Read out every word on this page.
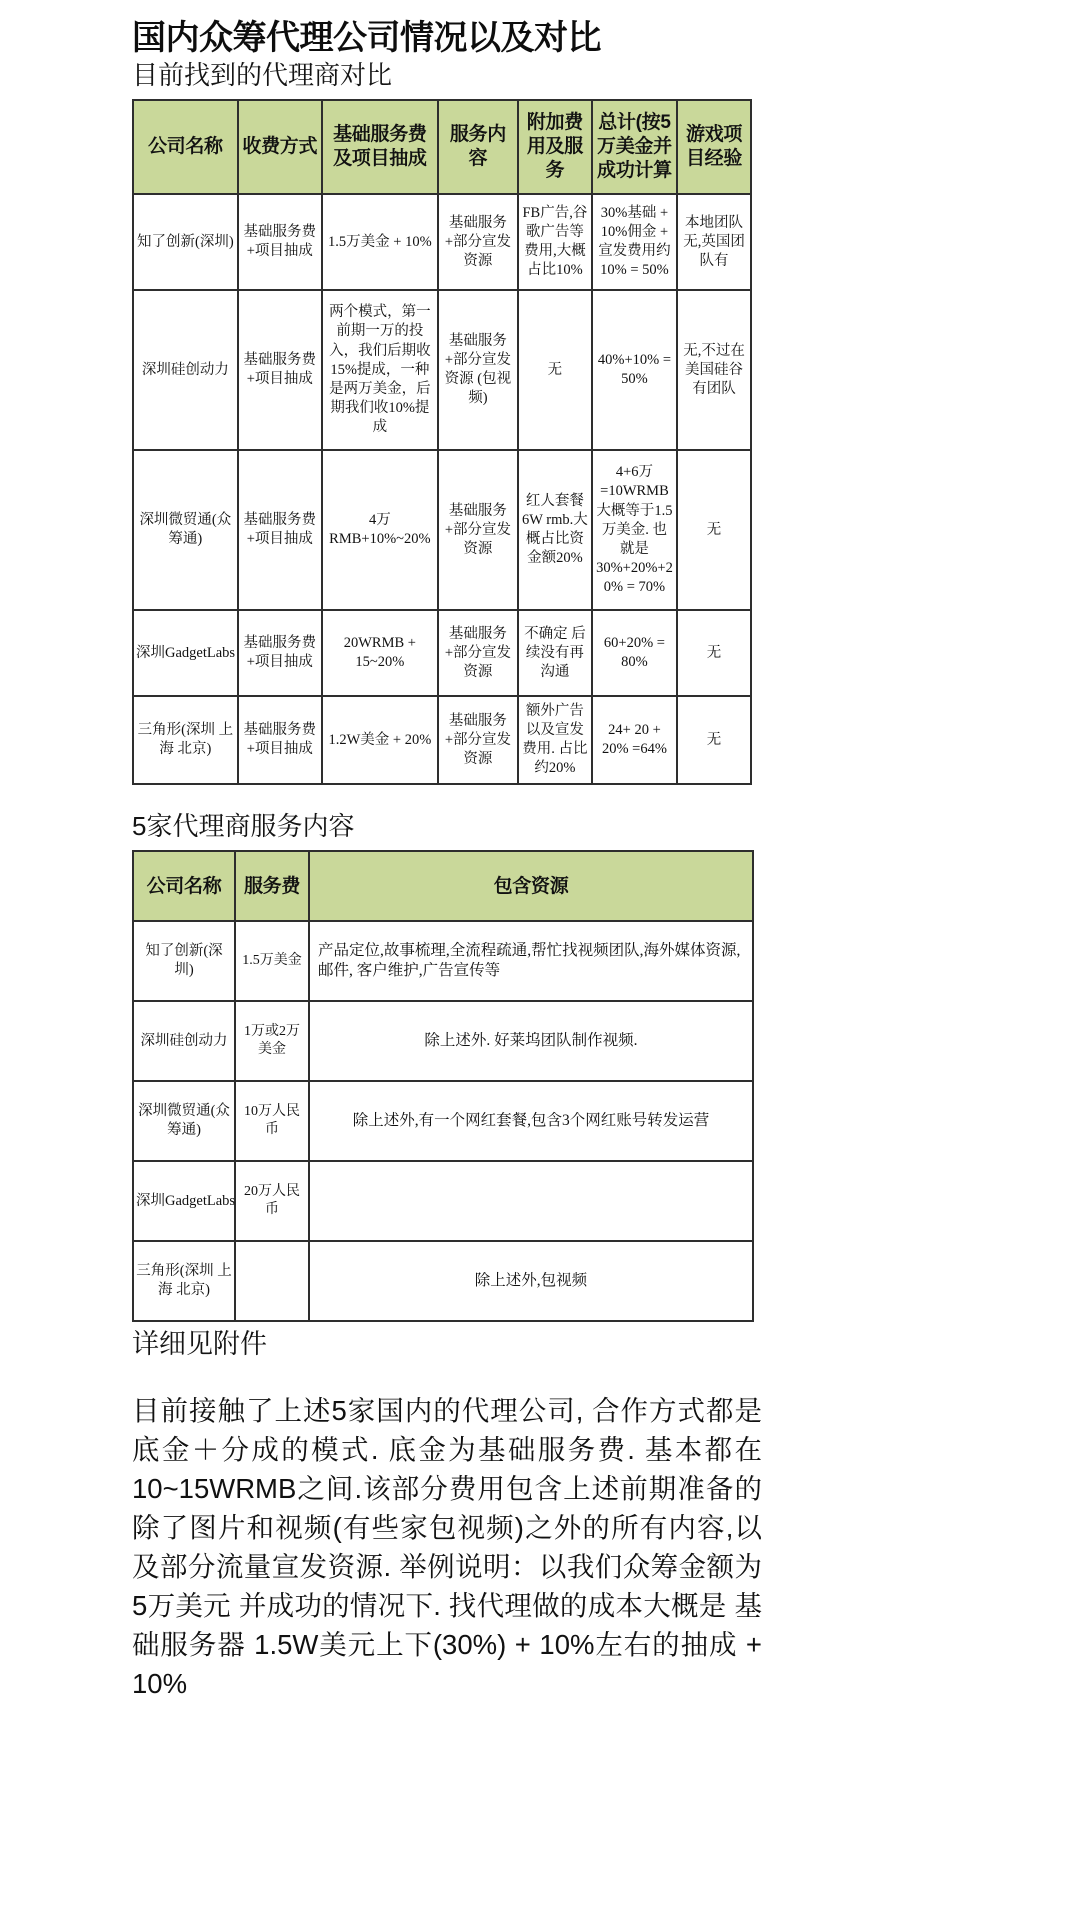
国内众筹代理公司情况以及对比
目前找到的代理商对比
公司名称	收费方式	基础服务费及项目抽成	服务内容	附加费用及服务	总计(按5万美金并成功计算	游戏项目经验
知了创新(深圳)	基础服务费+项目抽成	1.5万美金 + 10%	基础服务+部分宣发资源	FB广告,谷歌广告等费用,大概占比10%	30%基础 + 10%佣金 + 宣发费用约10% = 50%	本地团队无,英国团队有
深圳硅创动力	基础服务费+项目抽成	两个模式，第一前期一万的投入，我们后期收15%提成，一种是两万美金，后期我们收10%提成	基础服务+部分宣发资源 (包视频)	无	40%+10% = 50%	无,不过在美国硅谷有团队
深圳微贸通(众筹通)	基础服务费+项目抽成	4万RMB+10%~20%	基础服务+部分宣发资源	红人套餐6W rmb.大概占比资金额20%	4+6万=10WRMB大概等于1.5万美金. 也就是30%+20%+20% = 70%	无
深圳GadgetLabs	基础服务费+项目抽成	20WRMB + 15~20%	基础服务+部分宣发资源	不确定 后续没有再沟通	60+20% = 80%	无
三角形(深圳 上海 北京)	基础服务费+项目抽成	1.2W美金 + 20%	基础服务+部分宣发资源	额外广告以及宣发费用. 占比约20%	24+ 20 + 20% =64%	无
5家代理商服务内容
公司名称	服务费	包含资源
知了创新(深圳)	1.5万美金	产品定位,故事梳理,全流程疏通,帮忙找视频团队,海外媒体资源,邮件, 客户维护,广告宣传等
深圳硅创动力	1万或2万美金	除上述外. 好莱坞团队制作视频.
深圳微贸通(众筹通)	10万人民币	除上述外,有一个网红套餐,包含3个网红账号转发运营
深圳GadgetLabs	20万人民币	
三角形(深圳 上海 北京)		除上述外,包视频
详细见附件

目前接触了上述5家国内的代理公司, 合作方式都是底金＋分成的模式. 底金为基础服务费. 基本都在10~15WRMB之间.该部分费用包含上述前期准备的除了图片和视频(有些家包视频)之外的所有内容,以及部分流量宣发资源. 举例说明：以我们众筹金额为5万美元 并成功的情况下. 找代理做的成本大概是 基础服务器 1.5W美元上下(30%) + 10%左右的抽成 + 10%
